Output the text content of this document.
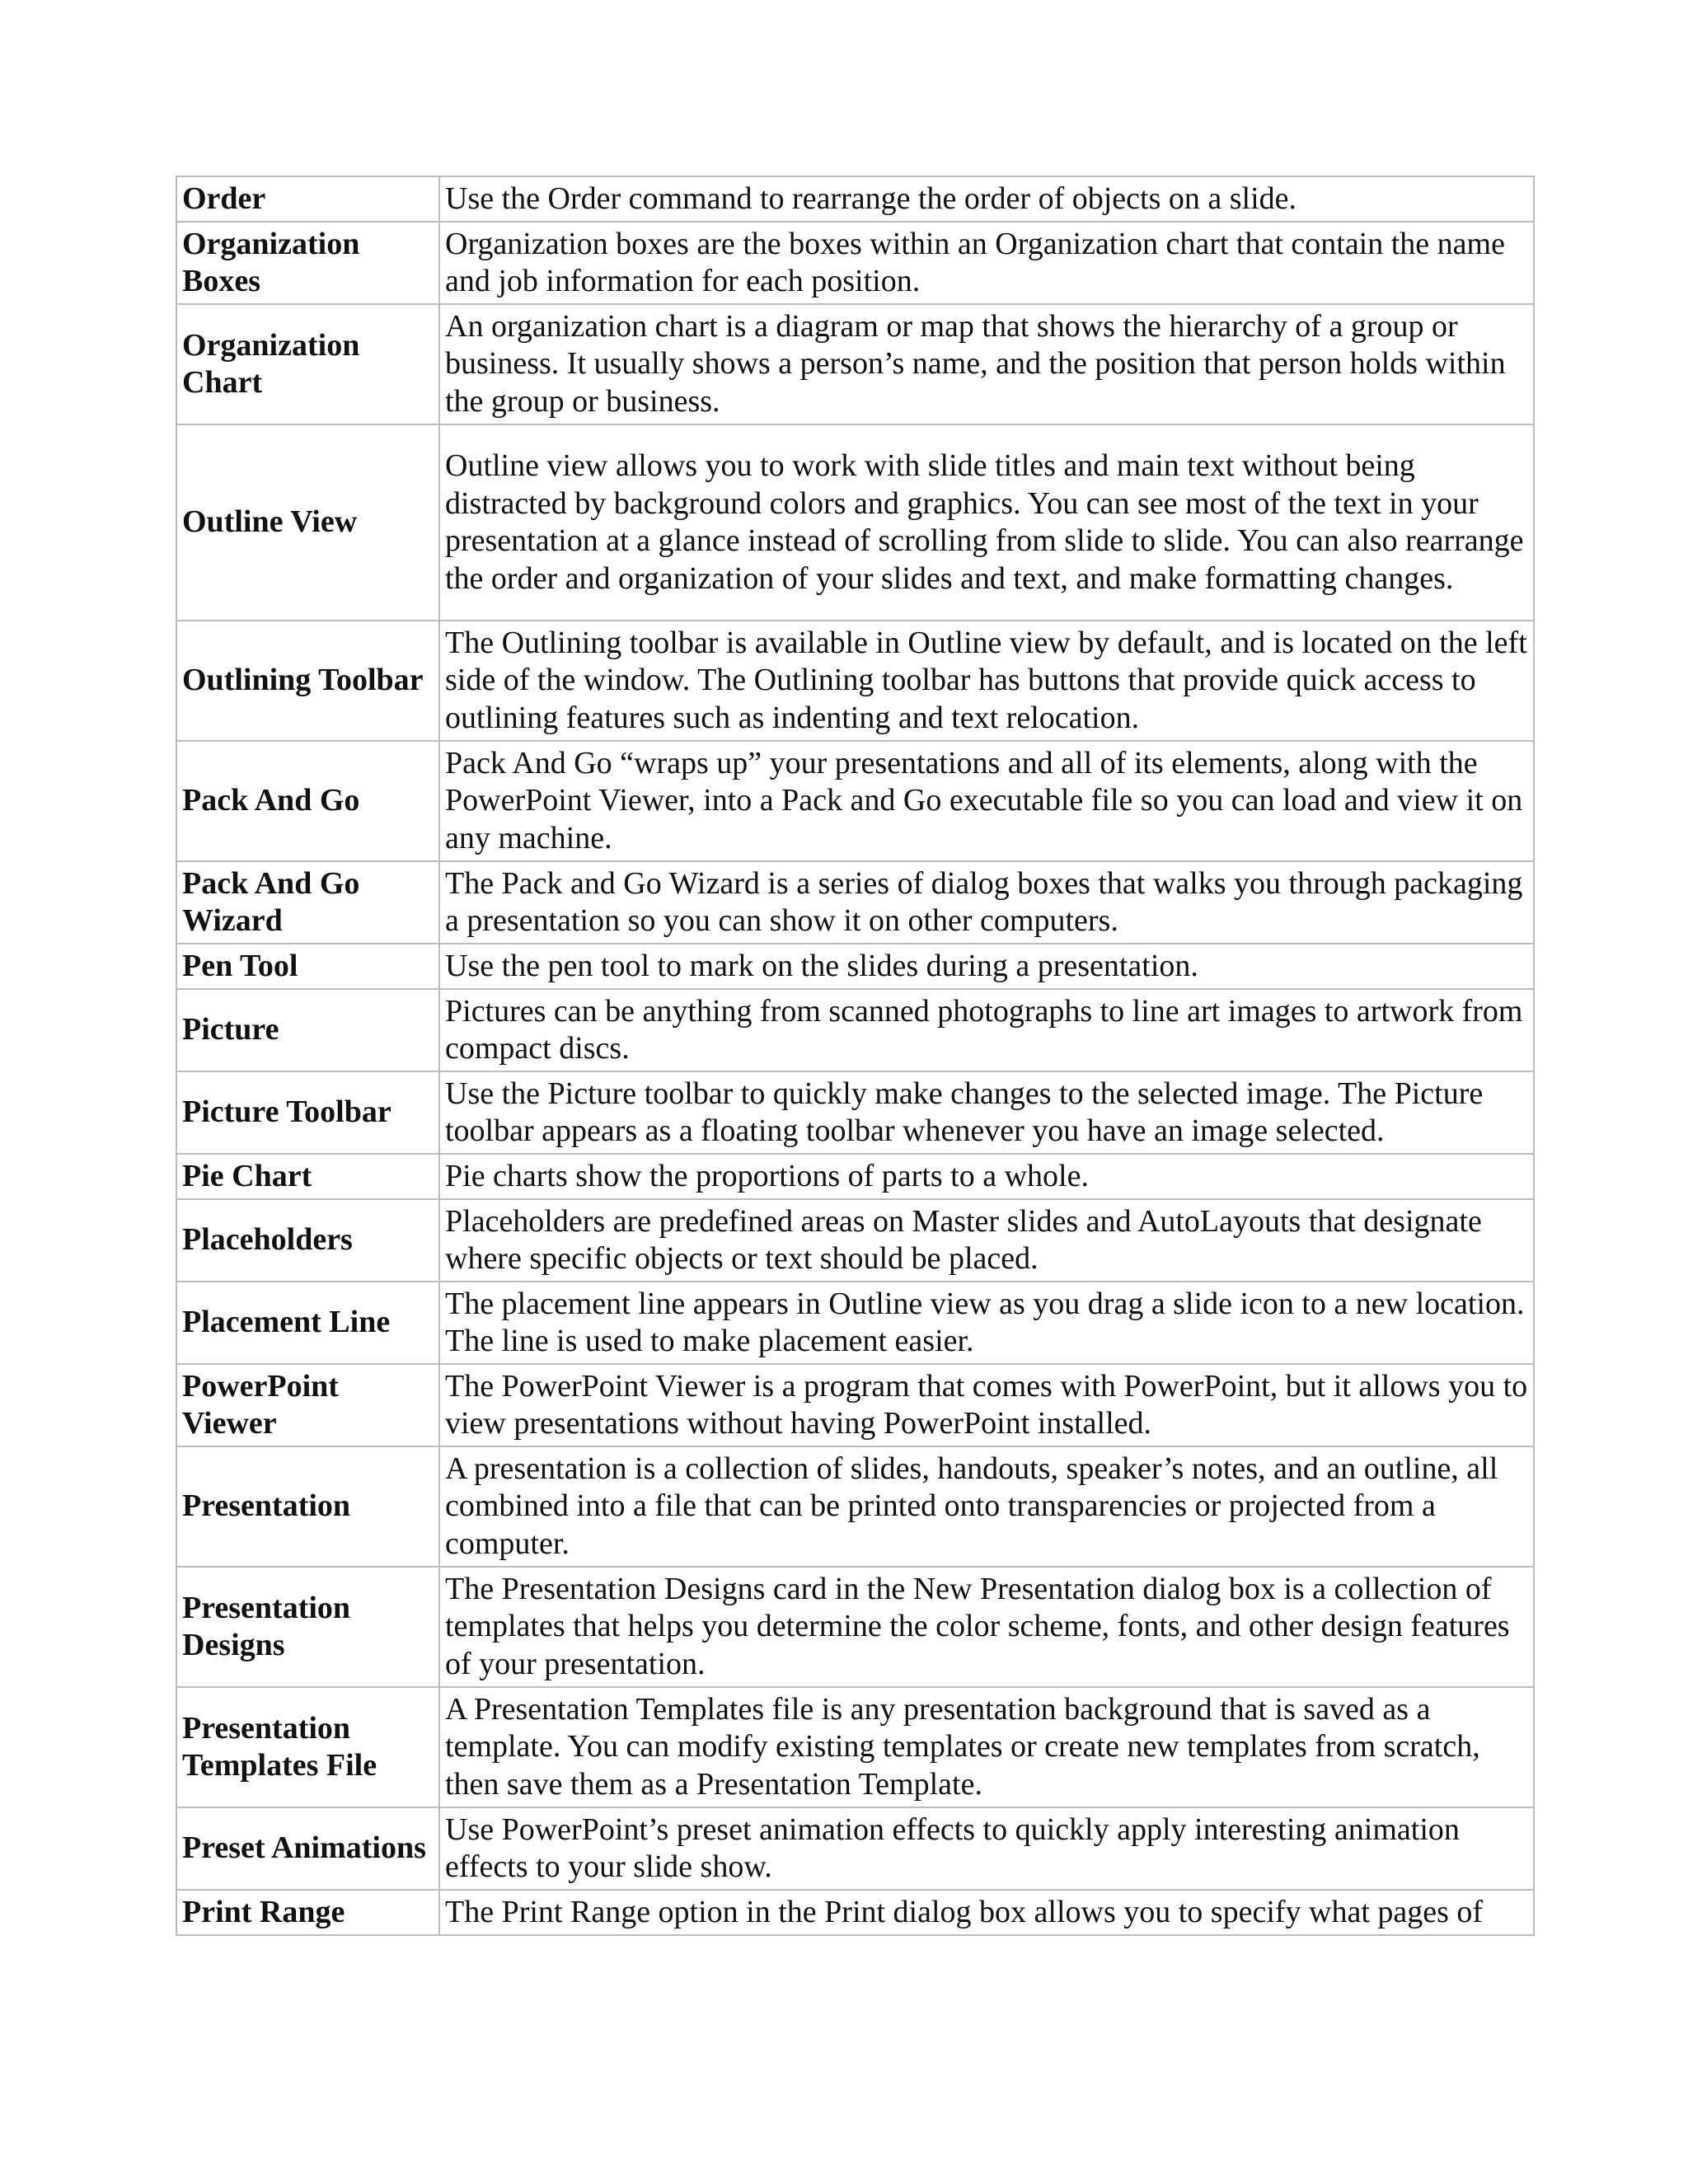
Order	Use the Order command to rearrange the order of objects on a slide.
Organization Boxes	Organization boxes are the boxes within an Organization chart that contain the name and job information for each position.
Organization Chart	An organization chart is a diagram or map that shows the hierarchy of a group or business. It usually shows a person’s name, and the position that person holds within the group or business.
Outline View	Outline view allows you to work with slide titles and main text without being distracted by background colors and graphics. You can see most of the text in your presentation at a glance instead of scrolling from slide to slide. You can also rearrange the order and organization of your slides and text, and make formatting changes.
Outlining Toolbar	The Outlining toolbar is available in Outline view by default, and is located on the left side of the window. The Outlining toolbar has buttons that provide quick access to outlining features such as indenting and text relocation.
Pack And Go	Pack And Go “wraps up” your presentations and all of its elements, along with the PowerPoint Viewer, into a Pack and Go executable file so you can load and view it on any machine.
Pack And Go Wizard	The Pack and Go Wizard is a series of dialog boxes that walks you through packaging a presentation so you can show it on other computers.
Pen Tool	Use the pen tool to mark on the slides during a presentation.
Picture	Pictures can be anything from scanned photographs to line art images to artwork from compact discs.
Picture Toolbar	Use the Picture toolbar to quickly make changes to the selected image. The Picture toolbar appears as a floating toolbar whenever you have an image selected.
Pie Chart	Pie charts show the proportions of parts to a whole.
Placeholders	Placeholders are predefined areas on Master slides and AutoLayouts that designate where specific objects or text should be placed.
Placement Line	The placement line appears in Outline view as you drag a slide icon to a new location. The line is used to make placement easier.
PowerPoint Viewer	The PowerPoint Viewer is a program that comes with PowerPoint, but it allows you to view presentations without having PowerPoint installed.
Presentation	A presentation is a collection of slides, handouts, speaker’s notes, and an outline, all combined into a file that can be printed onto transparencies or projected from a computer.
Presentation Designs	The Presentation Designs card in the New Presentation dialog box is a collection of templates that helps you determine the color scheme, fonts, and other design features of your presentation.
Presentation Templates File	A Presentation Templates file is any presentation background that is saved as a template. You can modify existing templates or create new templates from scratch, then save them as a Presentation Template.
Preset Animations	Use PowerPoint’s preset animation effects to quickly apply interesting animation effects to your slide show.
Print Range	The Print Range option in the Print dialog box allows you to specify what pages of
